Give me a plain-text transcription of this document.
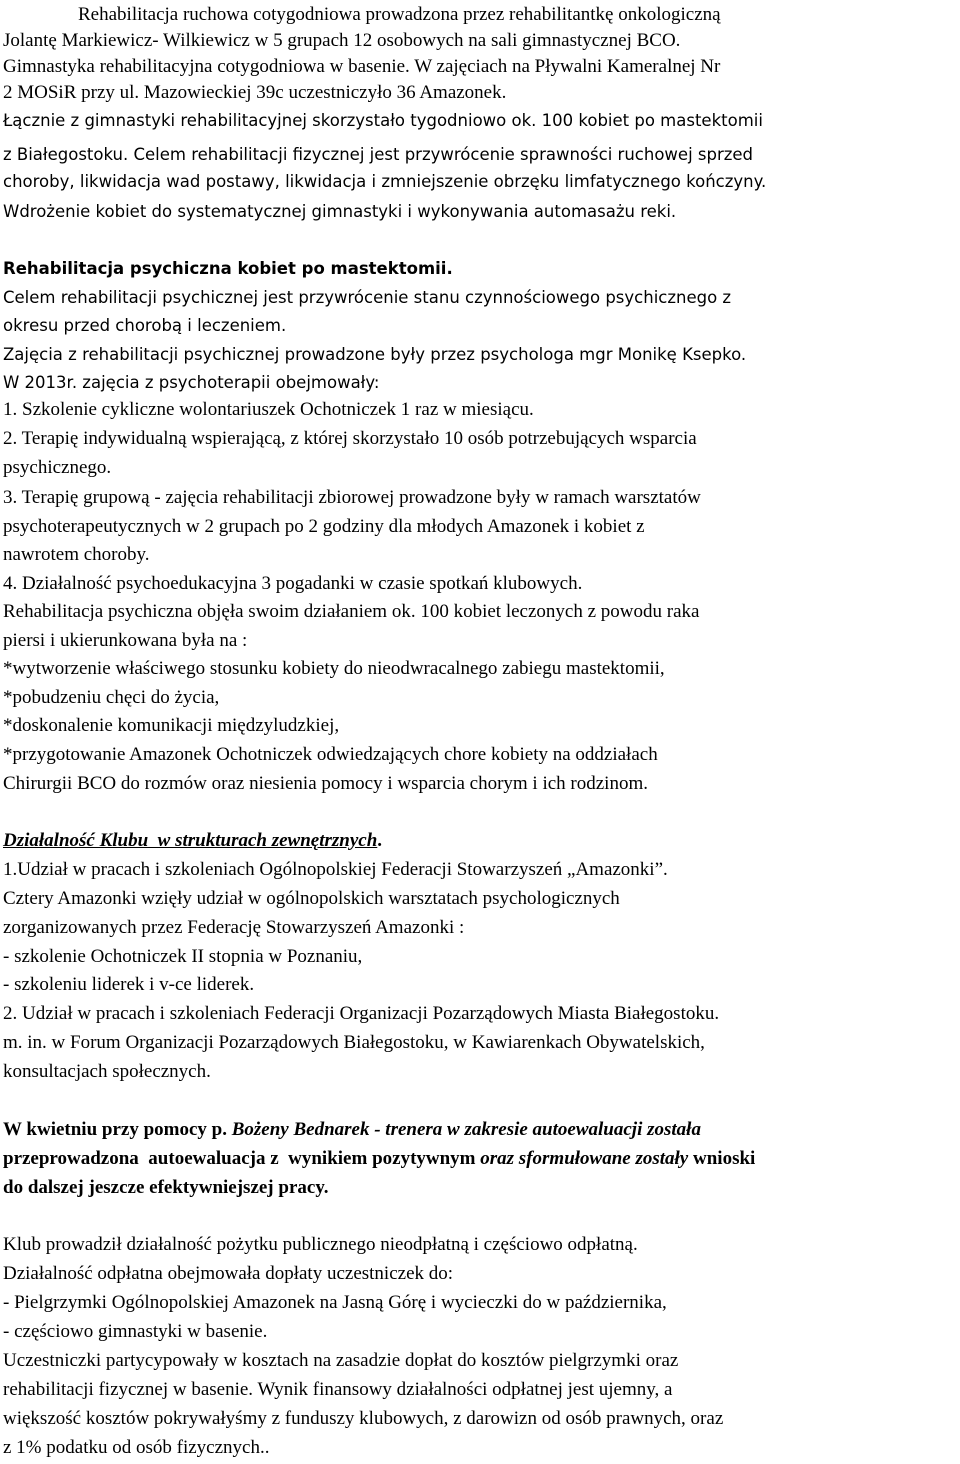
Rehabilitacja ruchowa cotygodniowa prowadzona przez rehabilitantkę onkologiczną
Jolantę Markiewicz- Wilkiewicz w 5 grupach 12 osobowych na sali gimnastycznej BCO.
Gimnastyka rehabilitacyjna cotygodniowa w basenie. W zajęciach na Pływalni Kameralnej Nr
2 MOSiR przy ul. Mazowieckiej 39c uczestniczyło 36 Amazonek.
Łącznie z gimnastyki rehabilitacyjnej skorzystało tygodniowo ok. 100 kobiet po mastektomii
z Białegostoku. Celem rehabilitacji fizycznej jest przywrócenie sprawności ruchowej sprzed
choroby, likwidacja wad postawy, likwidacja i zmniejszenie obrzęku limfatycznego kończyny.
Wdrożenie kobiet do systematycznej gimnastyki i wykonywania automasażu reki.
Rehabilitacja psychiczna kobiet po mastektomii.
Celem rehabilitacji psychicznej jest przywrócenie stanu czynnościowego psychicznego z
okresu przed chorobą i leczeniem.
Zajęcia z rehabilitacji psychicznej prowadzone były przez psychologa mgr Monikę Ksepko.
W 2013r. zajęcia z psychoterapii obejmowały:
1. Szkolenie cykliczne wolontariuszek Ochotniczek 1 raz w miesiącu.
2. Terapię indywidualną wspierającą, z której skorzystało 10 osób potrzebujących wsparcia
psychicznego.
3. Terapię grupową - zajęcia rehabilitacji zbiorowej prowadzone były w ramach warsztatów
psychoterapeutycznych w 2 grupach po 2 godziny dla młodych Amazonek i kobiet z
nawrotem choroby.
4. Działalność psychoedukacyjna 3 pogadanki w czasie spotkań klubowych.
Rehabilitacja psychiczna objęła swoim działaniem ok. 100 kobiet leczonych z powodu raka
piersi i ukierunkowana była na :
*wytworzenie właściwego stosunku kobiety do nieodwracalnego zabiegu mastektomii,
*pobudzeniu chęci do życia,
*doskonalenie komunikacji międzyludzkiej,
*przygotowanie Amazonek Ochotniczek odwiedzających chore kobiety na oddziałach
Chirurgii BCO do rozmów oraz niesienia pomocy i wsparcia chorym i ich rodzinom.
Działalność Klubu  w strukturach zewnętrznych.
1.Udział w pracach i szkoleniach Ogólnopolskiej Federacji Stowarzyszeń „Amazonki”.
Cztery Amazonki wzięły udział w ogólnopolskich warsztatach psychologicznych
zorganizowanych przez Federację Stowarzyszeń Amazonki :
- szkolenie Ochotniczek II stopnia w Poznaniu,
- szkoleniu liderek i v-ce liderek.
2. Udział w pracach i szkoleniach Federacji Organizacji Pozarządowych Miasta Białegostoku.
m. in. w Forum Organizacji Pozarządowych Białegostoku, w Kawiarenkach Obywatelskich,
konsultacjach społecznych.
W kwietniu przy pomocy p. Bożeny Bednarek - trenera w zakresie autoewaluacji została
przeprowadzona  autoewaluacja z  wynikiem pozytywnym oraz sformułowane zostały wnioski
do dalszej jeszcze efektywniejszej pracy.
Klub prowadził działalność pożytku publicznego nieodpłatną i częściowo odpłatną.
Działalność odpłatna obejmowała dopłaty uczestniczek do:
- Pielgrzymki Ogólnopolskiej Amazonek na Jasną Górę i wycieczki do w października,
- częściowo gimnastyki w basenie.
Uczestniczki partycypowały w kosztach na zasadzie dopłat do kosztów pielgrzymki oraz
rehabilitacji fizycznej w basenie. Wynik finansowy działalności odpłatnej jest ujemny, a
większość kosztów pokrywałyśmy z funduszy klubowych, z darowizn od osób prawnych, oraz
z 1% podatku od osób fizycznych..
